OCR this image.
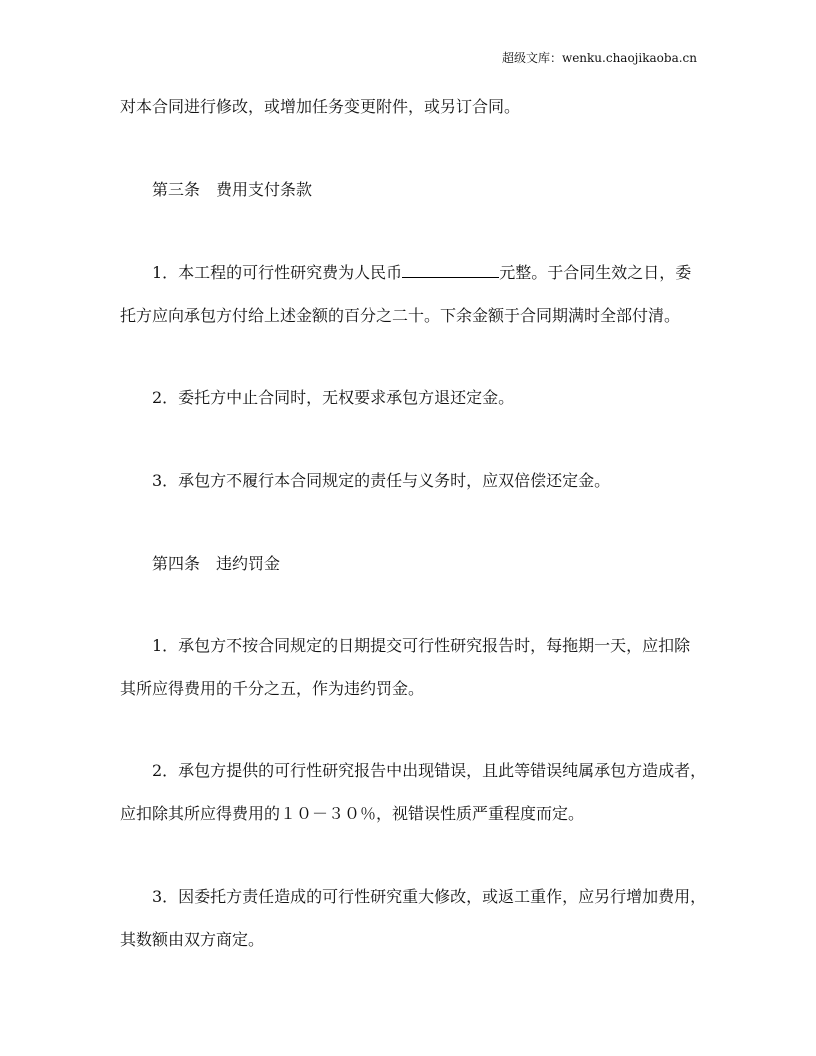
超级文库：wenku.chaojikaoba.cn
对本合同进行修改，或增加任务变更附件，或另订合同。
第三条　费用支付条款
1．本工程的可行性研究费为人民币	元整。于合同生效之日，委
托方应向承包方付给上述金额的百分之二十。下余金额于合同期满时全部付清。
2．委托方中止合同时，无权要求承包方退还定金。
3．承包方不履行本合同规定的责任与义务时，应双倍偿还定金。
第四条　违约罚金
1．承包方不按合同规定的日期提交可行性研究报告时，每拖期一天，应扣除
其所应得费用的千分之五，作为违约罚金。
2．承包方提供的可行性研究报告中出现错误，且此等错误纯属承包方造成者，
应扣除其所应得费用的１０－３０％，视错误性质严重程度而定。
3．因委托方责任造成的可行性研究重大修改，或返工重作，应另行增加费用，
其数额由双方商定。
